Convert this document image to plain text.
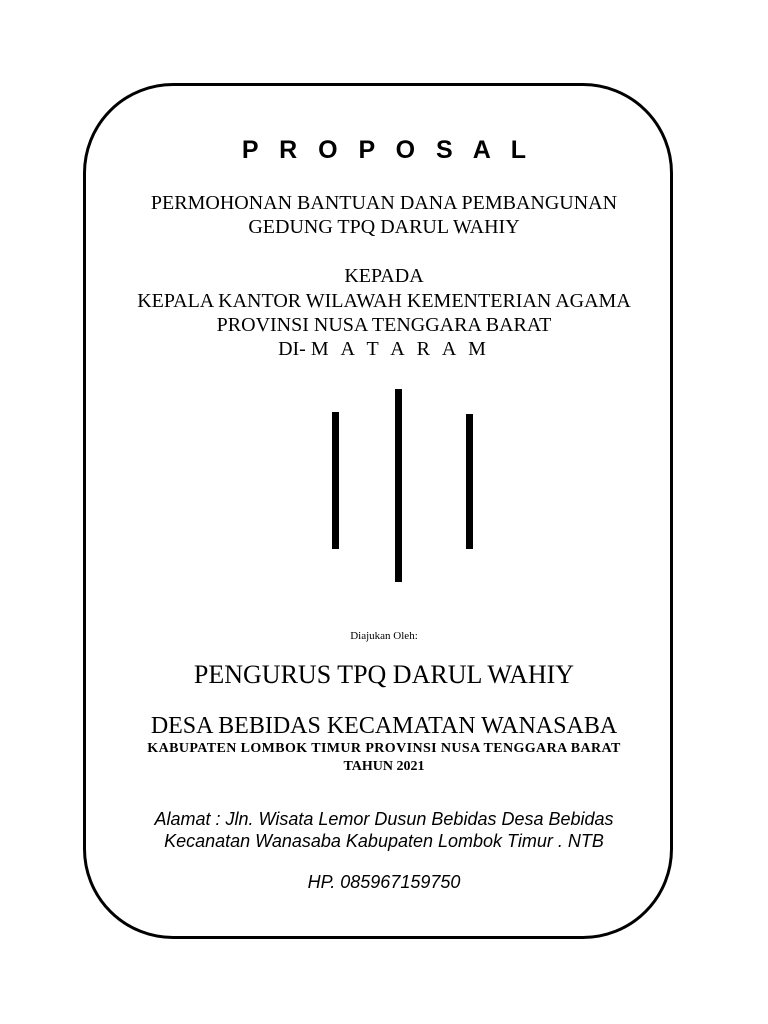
P R O P O S A L

PERMOHONAN BANTUAN DANA PEMBANGUNAN

GEDUNG TPQ DARUL WAHIY

KEPADA

KEPALA KANTOR WILAWAH KEMENTERIAN AGAMA

PROVINSI NUSA TENGGARA BARAT

DI- M A T A R A M

Diajukan Oleh:

PENGURUS TPQ DARUL WAHIY

DESA BEBIDAS KECAMATAN WANASABA

KABUPATEN LOMBOK TIMUR PROVINSI NUSA TENGGARA BARAT

TAHUN 2021

Alamat : Jln. Wisata Lemor Dusun Bebidas Desa Bebidas

Kecanatan Wanasaba Kabupaten Lombok Timur . NTB

HP. 085967159750
